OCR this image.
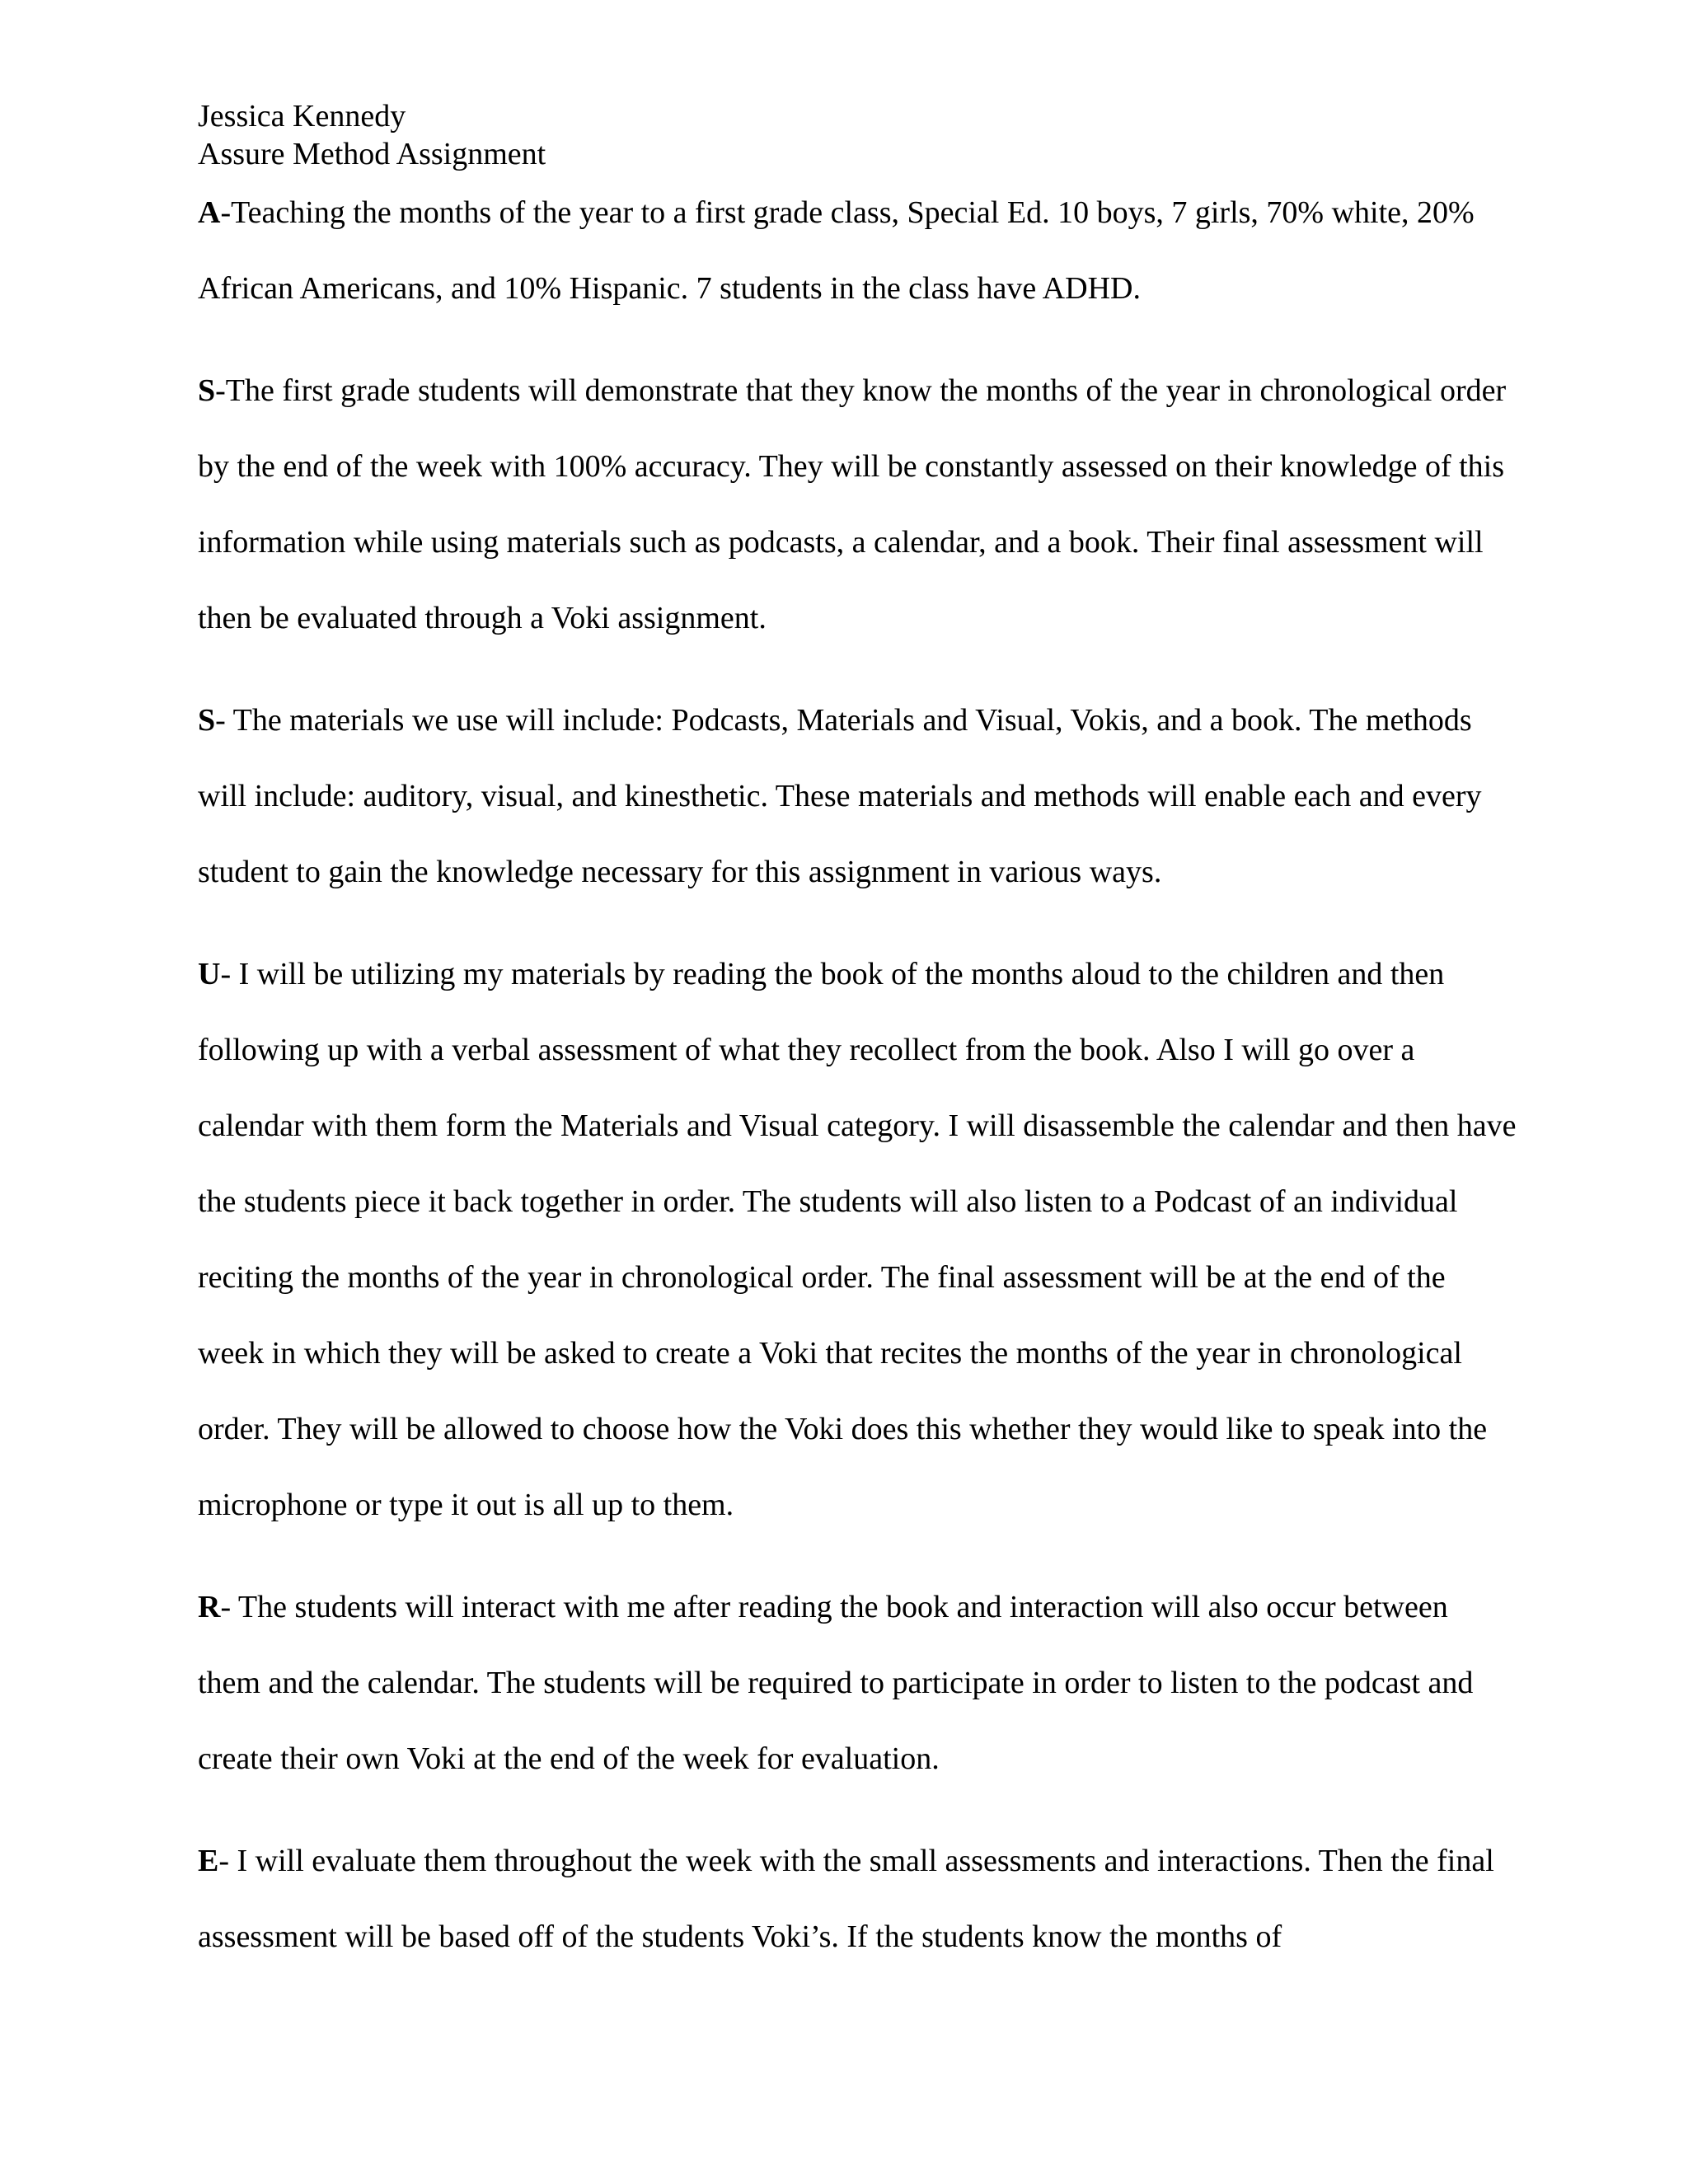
Jessica Kennedy

Assure Method Assignment

A-Teaching the months of the year to a first grade class, Special Ed. 10 boys, 7 girls, 70% white, 20% African Americans, and 10% Hispanic. 7 students in the class have ADHD.

S-The first grade students will demonstrate that they know the months of the year in chronological order by the end of the week with 100% accuracy. They will be constantly assessed on their knowledge of this information while using materials such as podcasts, a calendar, and a book. Their final assessment will then be evaluated through a Voki assignment.

S- The materials we use will include: Podcasts, Materials and Visual, Vokis, and a book. The methods will include: auditory, visual, and kinesthetic. These materials and methods will enable each and every student to gain the knowledge necessary for this assignment in various ways.

U- I will be utilizing my materials by reading the book of the months aloud to the children and then following up with a verbal assessment of what they recollect from the book. Also I will go over a calendar with them form the Materials and Visual category. I will disassemble the calendar and then have the students piece it back together in order. The students will also listen to a Podcast of an individual reciting the months of the year in chronological order. The final assessment will be at the end of the week in which they will be asked to create a Voki that recites the months of the year in chronological order. They will be allowed to choose how the Voki does this whether they would like to speak into the microphone or type it out is all up to them.

R- The students will interact with me after reading the book and interaction will also occur between them and the calendar. The students will be required to participate in order to listen to the podcast and create their own Voki at the end of the week for evaluation.

E- I will evaluate them throughout the week with the small assessments and interactions. Then the final assessment will be based off of the students Voki’s. If the students know the months of
